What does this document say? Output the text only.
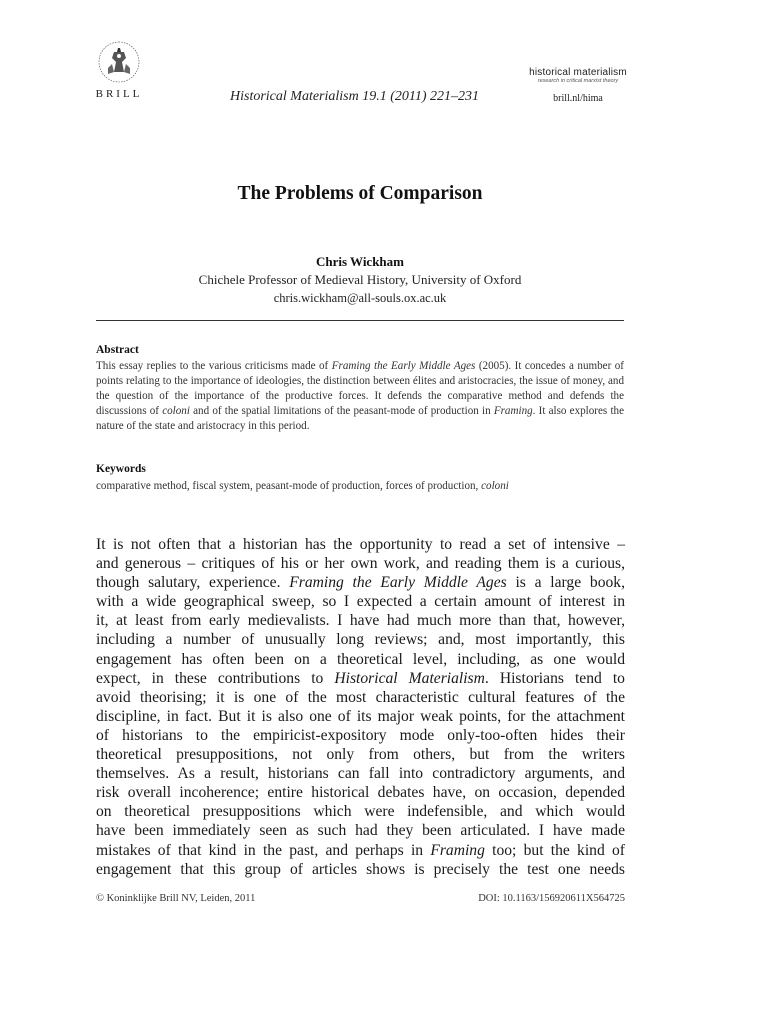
BRILL	Historical Materialism 19.1 (2011) 221–231
historical materialism
research in critical marxist theory
brill.nl/hima
The Problems of Comparison
Chris Wickham
Chichele Professor of Medieval History, University of Oxford
chris.wickham@all-souls.ox.ac.uk
Abstract
This essay replies to the various criticisms made of Framing the Early Middle Ages (2005). It concedes a number of points relating to the importance of ideologies, the distinction between élites and aristocracies, the issue of money, and the question of the importance of the productive forces. It defends the comparative method and defends the discussions of coloni and of the spatial limitations of the peasant-mode of production in Framing. It also explores the nature of the state and aristocracy in this period.
Keywords
comparative method, fiscal system, peasant-mode of production, forces of production, coloni
It is not often that a historian has the opportunity to read a set of intensive –
and generous – critiques of his or her own work, and reading them is a curious,
though salutary, experience. Framing the Early Middle Ages is a large book,
with a wide geographical sweep, so I expected a certain amount of interest in
it, at least from early medievalists. I have had much more than that, however,
including a number of unusually long reviews; and, most importantly, this
engagement has often been on a theoretical level, including, as one would
expect, in these contributions to Historical Materialism. Historians tend to
avoid theorising; it is one of the most characteristic cultural features of the
discipline, in fact. But it is also one of its major weak points, for the attachment
of historians to the empiricist-expository mode only-too-often hides their
theoretical presuppositions, not only from others, but from the writers
themselves. As a result, historians can fall into contradictory arguments, and
risk overall incoherence; entire historical debates have, on occasion, depended
on theoretical presuppositions which were indefensible, and which would
have been immediately seen as such had they been articulated. I have made
mistakes of that kind in the past, and perhaps in Framing too; but the kind of
engagement that this group of articles shows is precisely the test one needs
© Koninklijke Brill NV, Leiden, 2011	DOI: 10.1163/156920611X564725
